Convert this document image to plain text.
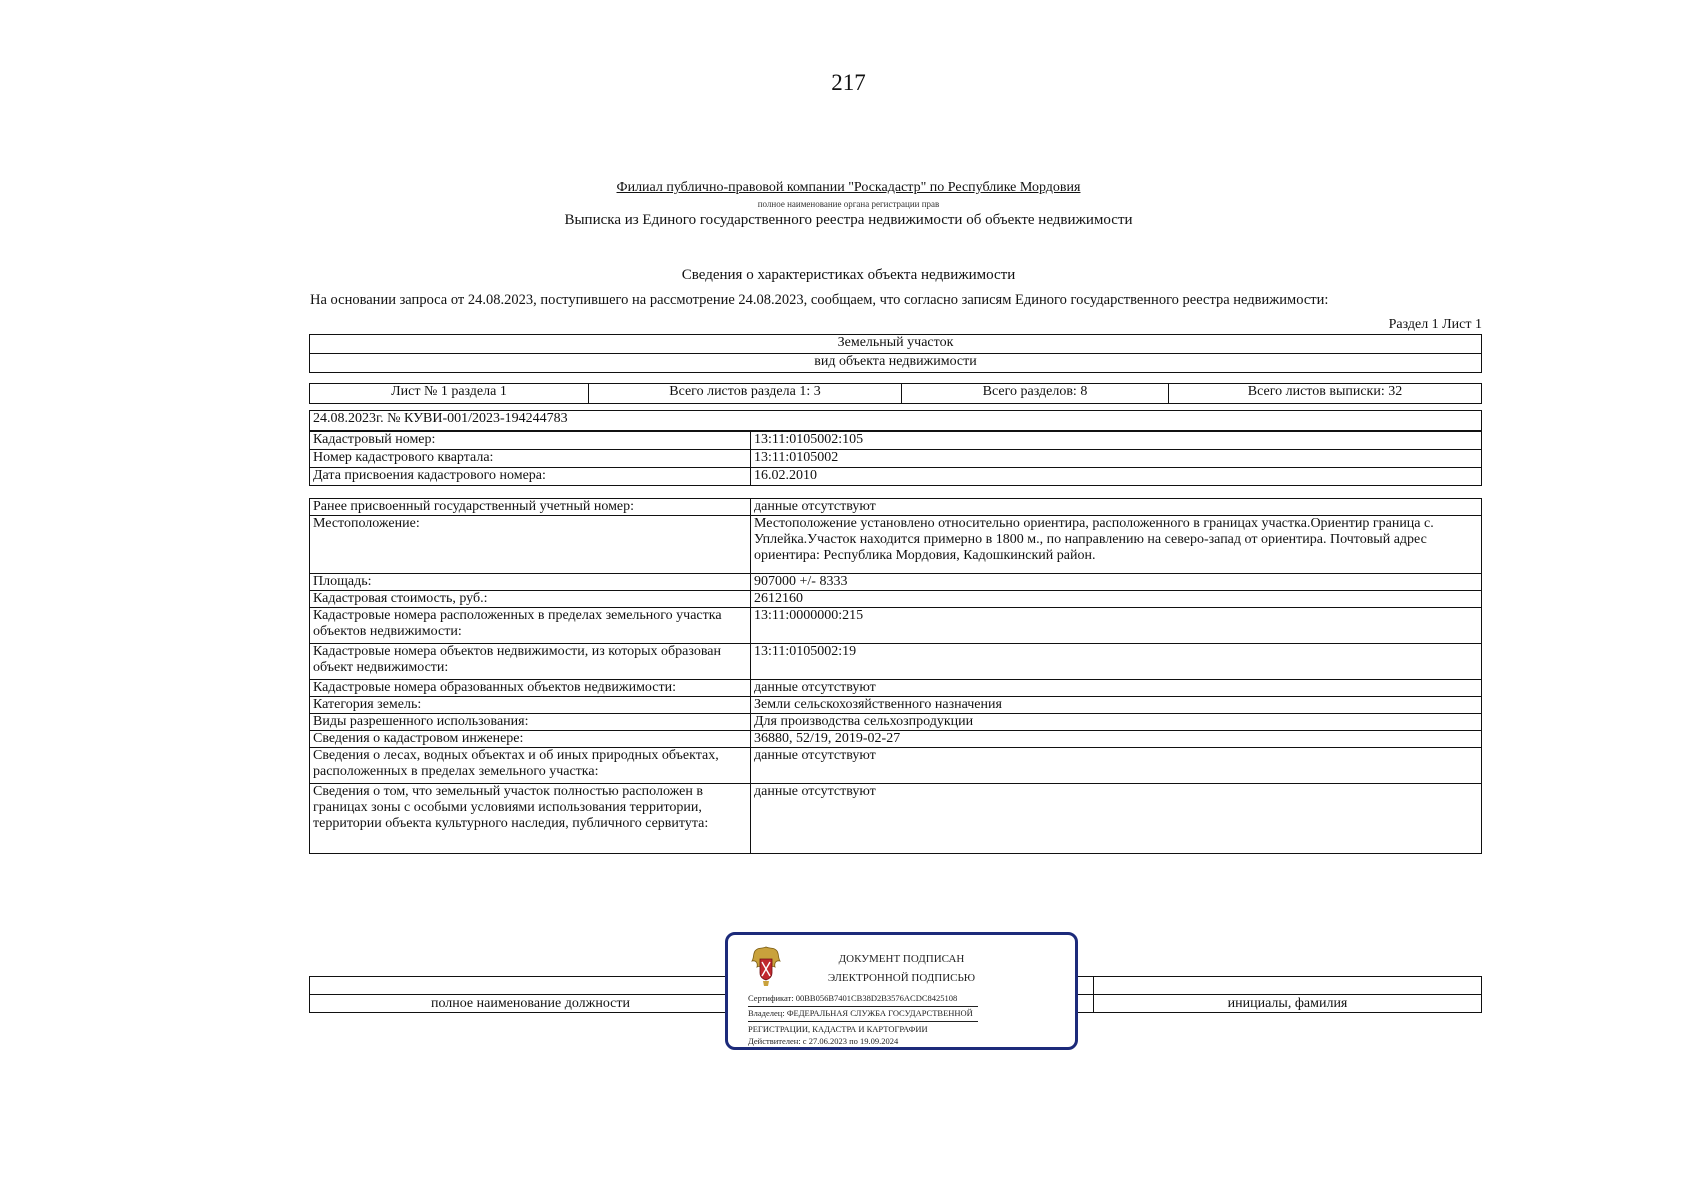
217
Филиал публично-правовой компании "Роскадастр" по Республике Мордовия
полное наименование органа регистрации прав
Выписка из Единого государственного реестра недвижимости об объекте недвижимости
Сведения о характеристиках объекта недвижимости
На основании запроса от 24.08.2023, поступившего на рассмотрение 24.08.2023, сообщаем, что согласно записям Единого государственного реестра недвижимости:
Раздел 1 Лист 1
Земельный участок
вид объекта недвижимости
Лист № 1 раздела 1	Всего листов раздела 1: 3	Всего разделов: 8	Всего листов выписки: 32
24.08.2023г. № КУВИ-001/2023-194244783
Кадастровый номер:	13:11:0105002:105
Номер кадастрового квартала:	13:11:0105002
Дата присвоения кадастрового номера:	16.02.2010
Ранее присвоенный государственный учетный номер:	данные отсутствуют
Местоположение:	Местоположение установлено относительно ориентира, расположенного в границах участка.Ориентир граница с. Уплейка.Участок находится примерно в 1800 м., по направлению на северо-запад от ориентира. Почтовый адрес ориентира: Республика Мордовия, Кадошкинский район.
Площадь:	907000 +/- 8333
Кадастровая стоимость, руб.:	2612160
Кадастровые номера расположенных в пределах земельного участка объектов недвижимости:	13:11:0000000:215
Кадастровые номера объектов недвижимости, из которых образован объект недвижимости:	13:11:0105002:19
Кадастровые номера образованных объектов недвижимости:	данные отсутствуют
Категория земель:	Земли сельскохозяйственного назначения
Виды разрешенного использования:	Для производства сельхозпродукции
Сведения о кадастровом инженере:	36880, 52/19, 2019-02-27
Сведения о лесах, водных объектах и об иных природных объектах, расположенных в пределах земельного участка:	данные отсутствуют
Сведения о том, что земельный участок полностью расположен в границах зоны с особыми условиями использования территории, территории объекта культурного наследия, публичного сервитута:	данные отсутствуют

полное наименование должности		инициалы, фамилия
ДОКУМЕНТ ПОДПИСАН
ЭЛЕКТРОННОЙ ПОДПИСЬЮ
Сертификат: 00BB056B7401CB38D2B3576ACDC8425108
Владелец: ФЕДЕРАЛЬНАЯ СЛУЖБА ГОСУДАРСТВЕННОЙ
РЕГИСТРАЦИИ, КАДАСТРА И КАРТОГРАФИИ
Действителен: с 27.06.2023 по 19.09.2024
